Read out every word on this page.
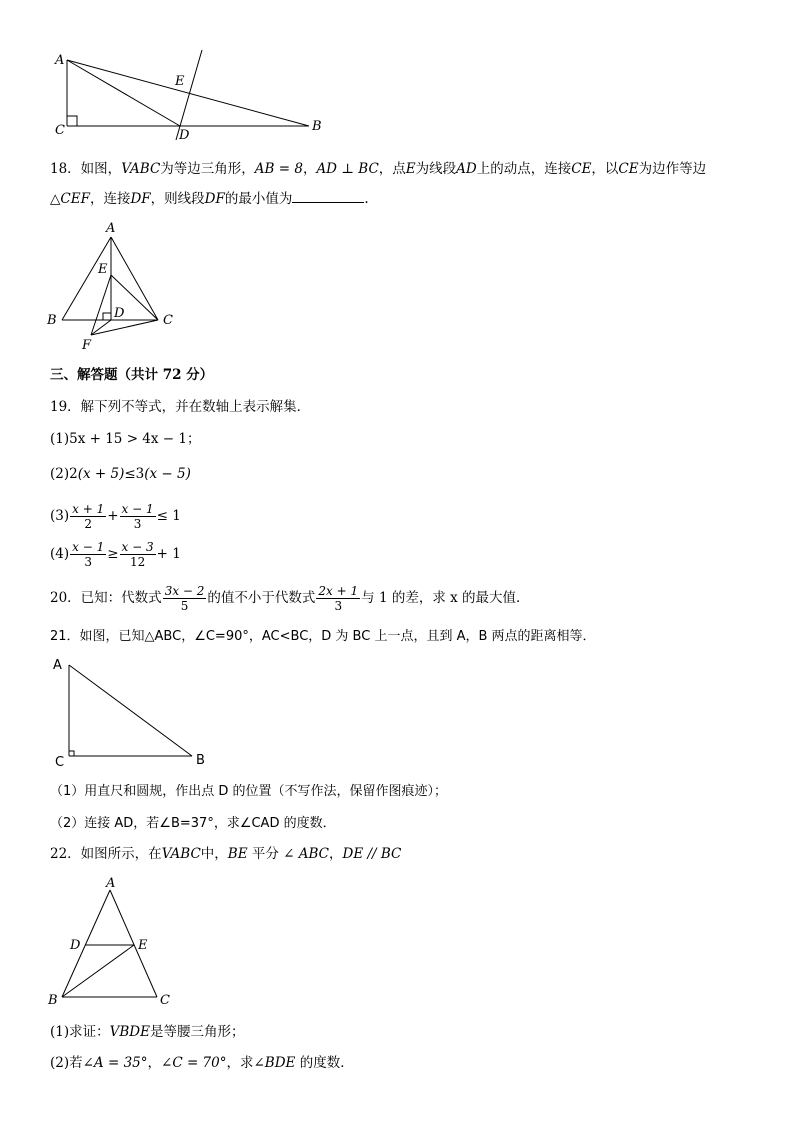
A
C	D
E
B
A
E
D
B	C
F
A
C	B
A
D	E
B	C
18．如图，VABC为等边三角形，AB = 8，AD ⊥ BC，点E为线段AD上的动点，连接CE，以CE为边作等边
△CEF，连接DF，则线段DF的最小值为	.
三、解答题（共计 72 分）
19．解下列不等式，并在数轴上表示解集．
(1)5x + 15 > 4x − 1；
(2)2(x + 5)≤3(x − 5)
$(3) \frac{x + 1}{2} + \frac{x - 1}{3} \le 1$
$(4) \frac{x - 1}{3} \ge \frac{x - 3}{12} + 1$
20．已知：代数式 $\frac{3x - 2}{5}$ 的值不小于代数式 $\frac{2x + 1}{3}$ 与 1 的差，求 x 的最大值．
21．如图，已知△ABC，∠C=90°，AC<BC，D 为 BC 上一点，且到 A，B 两点的距离相等．
（1）用直尺和圆规，作出点 D 的位置（不写作法，保留作图痕迹）；
（2）连接 AD，若∠B=37°，求∠CAD 的度数．
22．如图所示，在VABC中，BE 平分 ∠ ABC，DE // BC
(1)求证：VBDE是等腰三角形；
(2)若∠A = 35°，∠C = 70°，求∠BDE 的度数．
